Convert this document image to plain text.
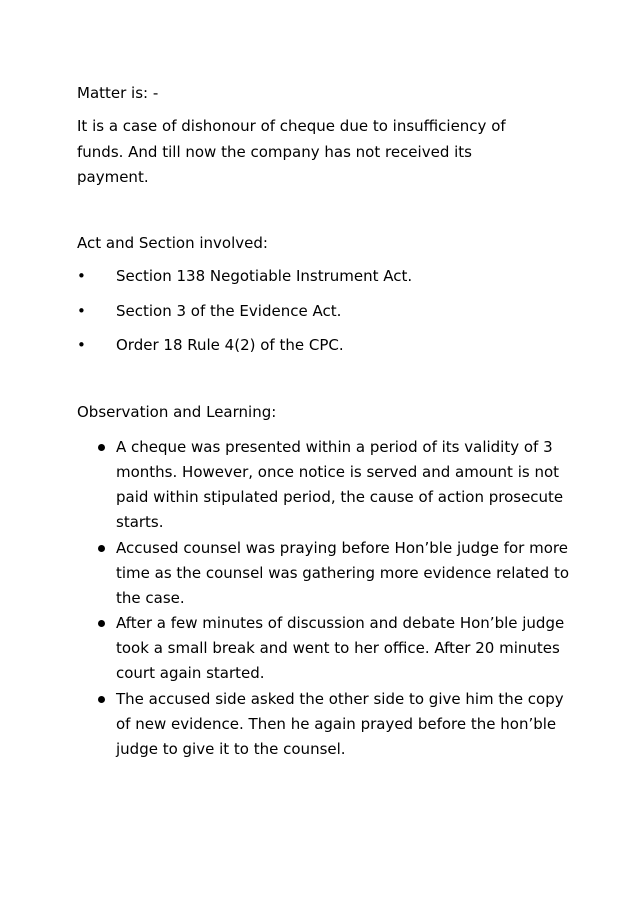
Matter is: -
It is a case of dishonour of cheque due to insufficiency of
funds. And till now the company has not received its
payment.
Act and Section involved:
• Section 138 Negotiable Instrument Act.
• Section 3 of the Evidence Act.
• Order 18 Rule 4(2) of the CPC.
Observation and Learning:
A cheque was presented within a period of its validity of 3 months. However, once notice is served and amount is not paid within stipulated period, the cause of action prosecute starts.
Accused counsel was praying before Hon’ble judge for more time as the counsel was gathering more evidence related to the case.
After a few minutes of discussion and debate Hon’ble judge took a small break and went to her office. After 20 minutes court again started.
The accused side asked the other side to give him the copy of new evidence. Then he again prayed before the hon’ble judge to give it to the counsel.
